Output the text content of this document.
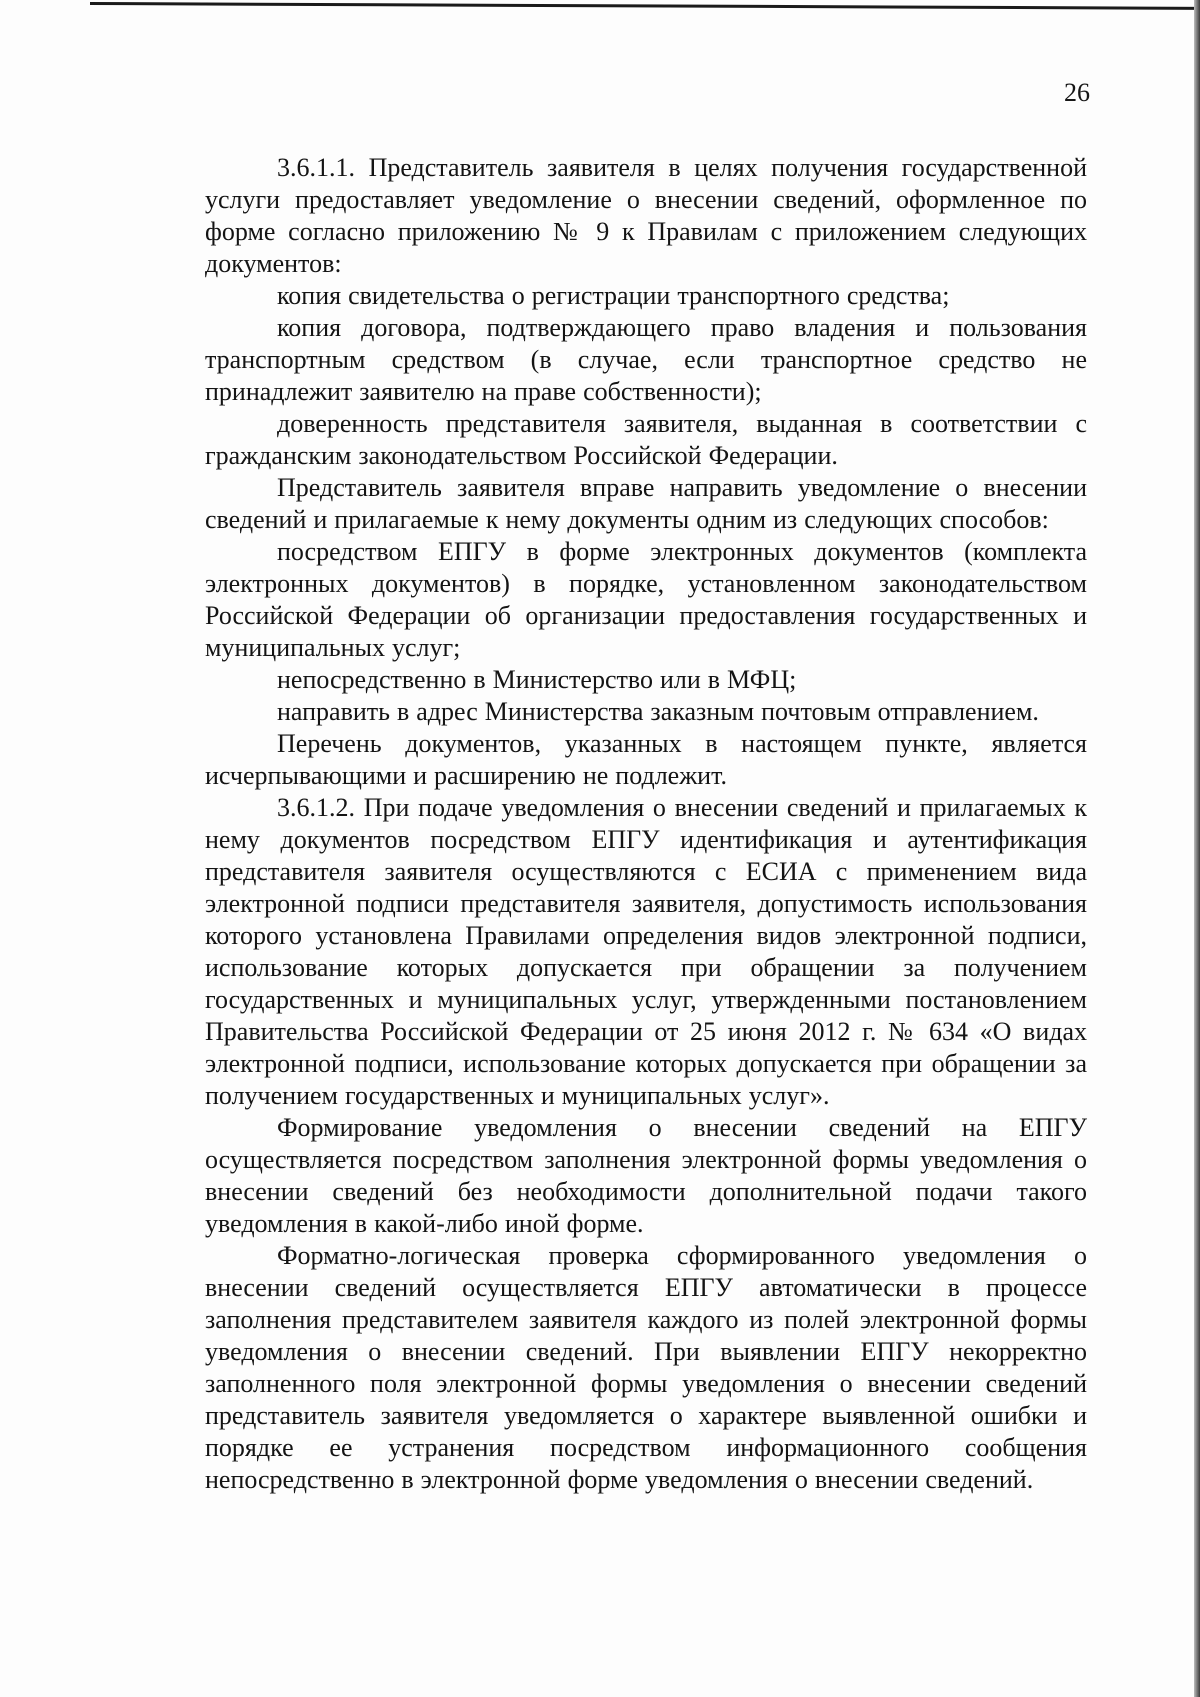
26

3.6.1.1. Представитель заявителя в целях получения государственной услуги предоставляет уведомление о внесении сведений, оформленное по форме согласно приложению № 9 к Правилам с приложением следующих документов:

копия свидетельства о регистрации транспортного средства;

копия договора, подтверждающего право владения и пользования транспортным средством (в случае, если транспортное средство не принадлежит заявителю на праве собственности);

доверенность представителя заявителя, выданная в соответствии с гражданским законодательством Российской Федерации.

Представитель заявителя вправе направить уведомление о внесении сведений и прилагаемые к нему документы одним из следующих способов:

посредством ЕПГУ в форме электронных документов (комплекта электронных документов) в порядке, установленном законодательством Российской Федерации об организации предоставления государственных и муниципальных услуг;

непосредственно в Министерство или в МФЦ;

направить в адрес Министерства заказным почтовым отправлением.

Перечень документов, указанных в настоящем пункте, является исчерпывающими и расширению не подлежит.

3.6.1.2. При подаче уведомления о внесении сведений и прилагаемых к нему документов посредством ЕПГУ идентификация и аутентификация представителя заявителя осуществляются с ЕСИА с применением вида электронной подписи представителя заявителя, допустимость использования которого установлена Правилами определения видов электронной подписи, использование которых допускается при обращении за получением государственных и муниципальных услуг, утвержденными постановлением Правительства Российской Федерации от 25 июня 2012 г. № 634 «О видах электронной подписи, использование которых допускается при обращении за получением государственных и муниципальных услуг».

Формирование уведомления о внесении сведений на ЕПГУ осуществляется посредством заполнения электронной формы уведомления о внесении сведений без необходимости дополнительной подачи такого уведомления в какой-либо иной форме.

Форматно-логическая проверка сформированного уведомления о внесении сведений осуществляется ЕПГУ автоматически в процессе заполнения представителем заявителя каждого из полей электронной формы уведомления о внесении сведений. При выявлении ЕПГУ некорректно заполненного поля электронной формы уведомления о внесении сведений представитель заявителя уведомляется о характере выявленной ошибки и порядке ее устранения посредством информационного сообщения непосредственно в электронной форме уведомления о внесении сведений.
